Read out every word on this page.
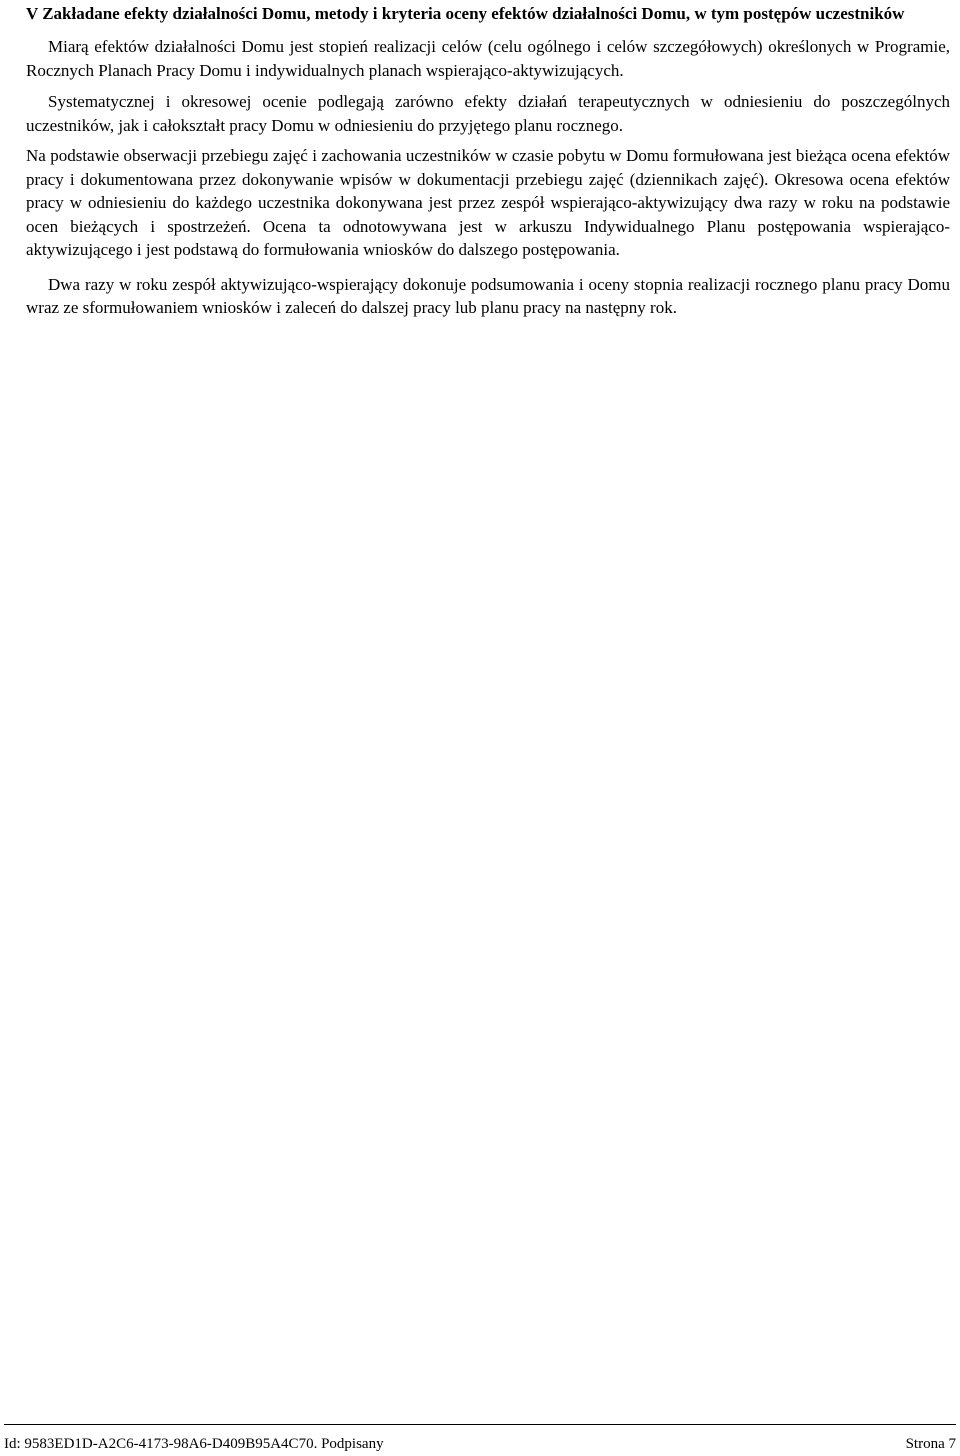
V Zakładane efekty działalności Domu, metody i kryteria oceny efektów działalności Domu, w tym postępów uczestników

Miarą efektów działalności Domu jest stopień realizacji celów (celu ogólnego i celów szczegółowych) określonych w Programie, Rocznych Planach Pracy Domu i indywidualnych planach wspierająco-aktywizujących.

Systematycznej i okresowej ocenie podlegają zarówno efekty działań terapeutycznych w odniesieniu do poszczególnych uczestników, jak i całokształt pracy Domu w odniesieniu do przyjętego planu rocznego.

Na podstawie obserwacji przebiegu zajęć i zachowania uczestników w czasie pobytu w Domu formułowana jest bieżąca ocena efektów pracy i dokumentowana przez dokonywanie wpisów w dokumentacji przebiegu zajęć (dziennikach zajęć). Okresowa ocena efektów pracy w odniesieniu do każdego uczestnika dokonywana jest przez zespół wspierająco-aktywizujący dwa razy w roku na podstawie ocen bieżących i spostrzeżeń. Ocena ta odnotowywana jest w arkuszu Indywidualnego Planu postępowania wspierająco-aktywizującego i jest podstawą do formułowania wniosków do dalszego postępowania.

Dwa razy w roku zespół aktywizująco-wspierający dokonuje podsumowania i oceny stopnia realizacji rocznego planu pracy Domu wraz ze sformułowaniem wniosków i zaleceń do dalszej pracy lub planu pracy na następny rok.

Id: 9583ED1D-A2C6-4173-98A6-D409B95A4C70. Podpisany	Strona 7
